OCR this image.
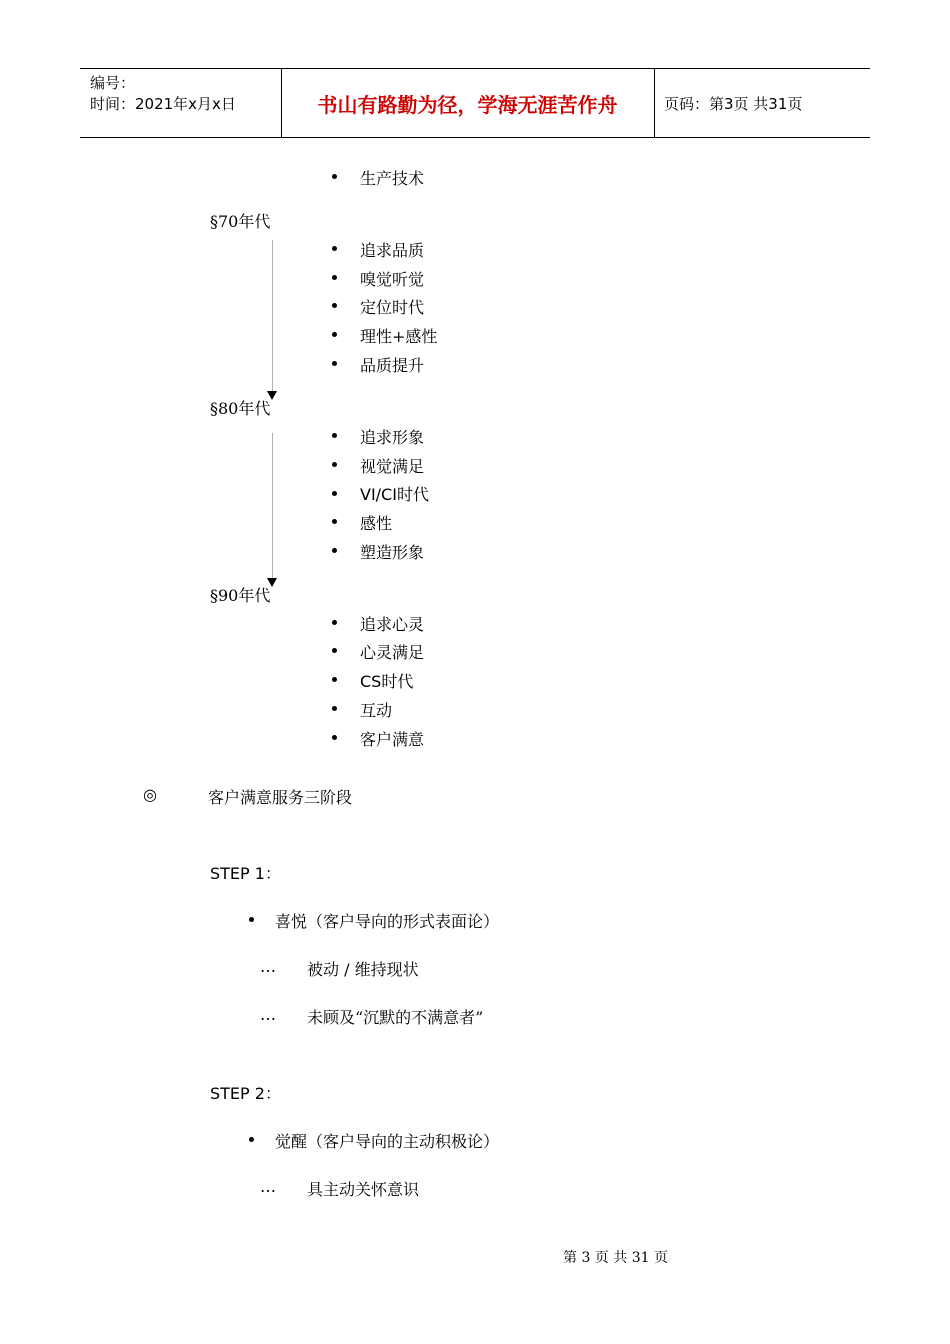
编号：
时间：2021年x月x日	书山有路勤为径，学海无涯苦作舟	页码：第3页 共31页
生产技术
§70年代
追求品质
嗅觉听觉
定位时代
理性+感性
品质提升
§80年代
追求形象
视觉满足
VI/CI时代
感性
塑造形象
§90年代
追求心灵
心灵满足
CS时代
互动
客户满意
◎	客户满意服务三阶段
STEP 1：
喜悦（客户导向的形式表面论）
… 被动 / 维持现状
… 未顾及“沉默的不满意者”
STEP 2：
觉醒（客户导向的主动积极论）
… 具主动关怀意识
第 3 页 共 31 页
